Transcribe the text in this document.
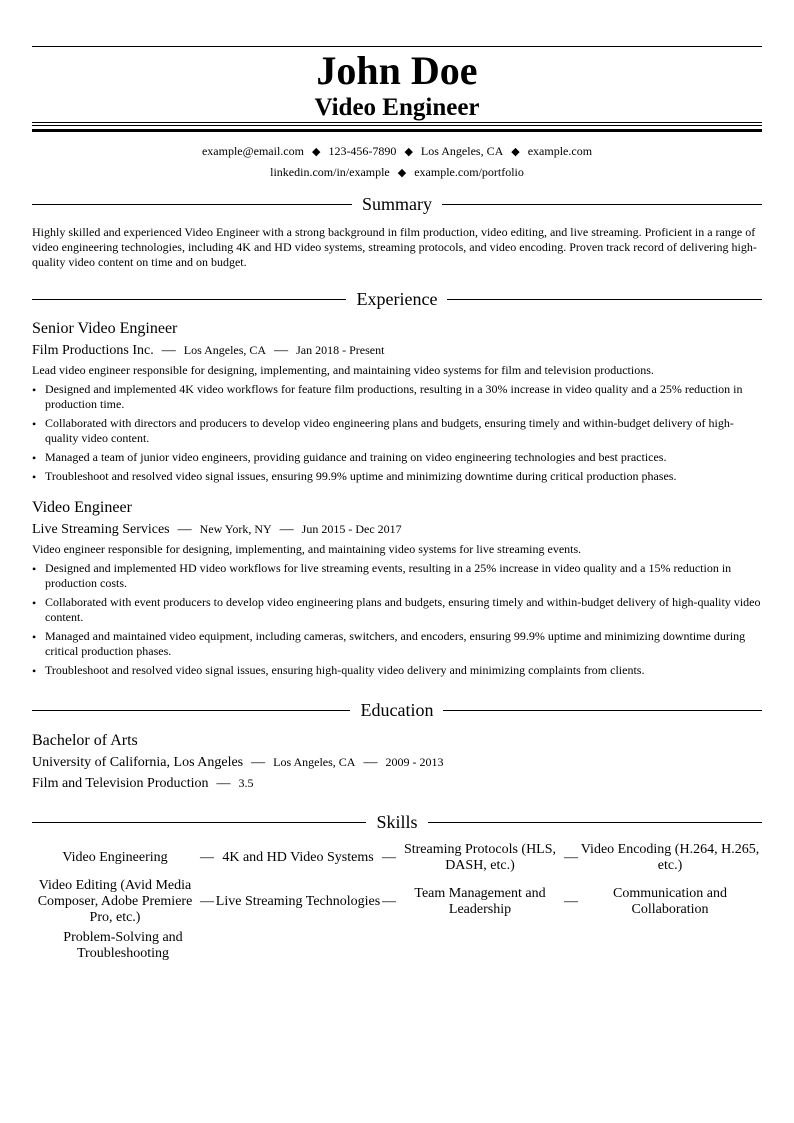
John Doe
Video Engineer
example@email.com ◆ 123-456-7890 ◆ Los Angeles, CA ◆ example.com
linkedin.com/in/example ◆ example.com/portfolio
Summary
Highly skilled and experienced Video Engineer with a strong background in film production, video editing, and live streaming. Proficient in a range of video engineering technologies, including 4K and HD video systems, streaming protocols, and video encoding. Proven track record of delivering high-quality video content on time and on budget.
Experience
Senior Video Engineer
Film Productions Inc. — Los Angeles, CA — Jan 2018 - Present
Lead video engineer responsible for designing, implementing, and maintaining video systems for film and television productions.
• Designed and implemented 4K video workflows for feature film productions, resulting in a 30% increase in video quality and a 25% reduction in production time.
• Collaborated with directors and producers to develop video engineering plans and budgets, ensuring timely and within-budget delivery of high-quality video content.
• Managed a team of junior video engineers, providing guidance and training on video engineering technologies and best practices.
• Troubleshoot and resolved video signal issues, ensuring 99.9% uptime and minimizing downtime during critical production phases.
Video Engineer
Live Streaming Services — New York, NY — Jun 2015 - Dec 2017
Video engineer responsible for designing, implementing, and maintaining video systems for live streaming events.
• Designed and implemented HD video workflows for live streaming events, resulting in a 25% increase in video quality and a 15% reduction in production costs.
• Collaborated with event producers to develop video engineering plans and budgets, ensuring timely and within-budget delivery of high-quality video content.
• Managed and maintained video equipment, including cameras, switchers, and encoders, ensuring 99.9% uptime and minimizing downtime during critical production phases.
• Troubleshoot and resolved video signal issues, ensuring high-quality video delivery and minimizing complaints from clients.
Education
Bachelor of Arts
University of California, Los Angeles — Los Angeles, CA — 2009 - 2013
Film and Television Production — 3.5
Skills
Video Engineering	— 4K and HD Video Systems —
Streaming Protocols (HLS, DASH, etc.)
—
Video Encoding (H.264, H.265, etc.)
Video Editing (Avid Media Composer, Adobe Premiere Pro, etc.)
— Live Streaming Technologies —
Team Management and Leadership
—
Communication and Collaboration
Problem-Solving and Troubleshooting
